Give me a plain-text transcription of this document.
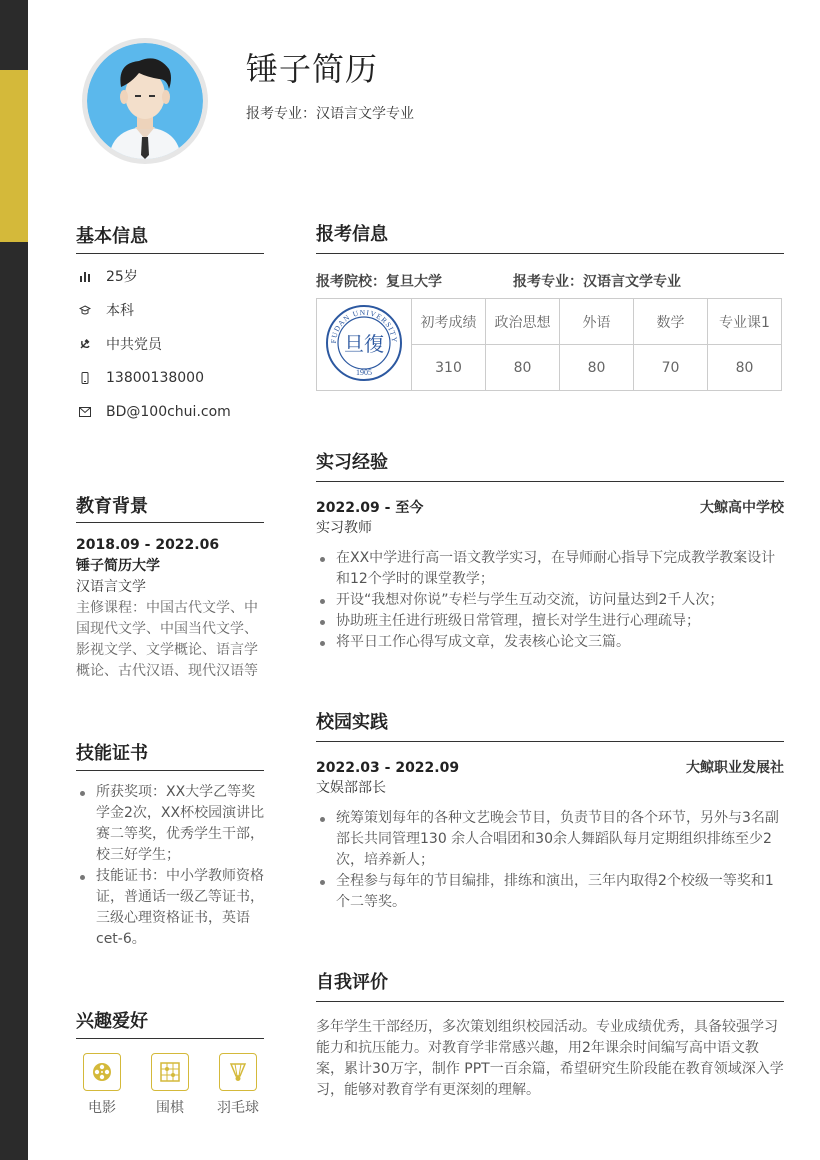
锤子简历
报考专业：汉语言文学专业
基本信息
25岁
本科
中共党员
13800138000
BD@100chui.com
教育背景
2018.09 - 2022.06
锤子简历大学
汉语言文学
主修课程：中国古代文学、中国现代文学、中国当代文学、影视文学、文学概论、语言学概论、古代汉语、现代汉语等
技能证书
所获奖项：XX大学乙等奖学金2次，XX杯校园演讲比赛二等奖，优秀学生干部，校三好学生；
技能证书：中小学教师资格证，普通话一级乙等证书，三级心理资格证书，英语cet-6。
兴趣爱好
电影	围棋	羽毛球
报考信息
报考院校：复旦大学	报考专业：汉语言文学专业
FUDAN UNIVERSITY
旦復
1905	初考成绩	政治思想	外语	数学	专业课1
	310	80	80	70	80
实习经验
2022.09 - 至今	大鲸高中学校
实习教师
在XX中学进行高一语文教学实习，在导师耐心指导下完成教学教案设计和12个学时的课堂教学；
开设“我想对你说”专栏与学生互动交流，访问量达到2千人次；
协助班主任进行班级日常管理，擅长对学生进行心理疏导；
将平日工作心得写成文章，发表核心论文三篇。
校园实践
2022.03 - 2022.09	大鲸职业发展社
文娱部部长
统筹策划每年的各种文艺晚会节目，负责节目的各个环节，另外与3名副部长共同管理130 余人合唱团和30余人舞蹈队每月定期组织排练至少2次，培养新人；
全程参与每年的节目编排，排练和演出，三年内取得2个校级一等奖和1个二等奖。
自我评价
多年学生干部经历，多次策划组织校园活动。专业成绩优秀，具备较强学习能力和抗压能力。对教育学非常感兴趣，用2年课余时间编写高中语文教案，累计30万字，制作 PPT一百余篇，希望研究生阶段能在教育领域深入学习，能够对教育学有更深刻的理解。
